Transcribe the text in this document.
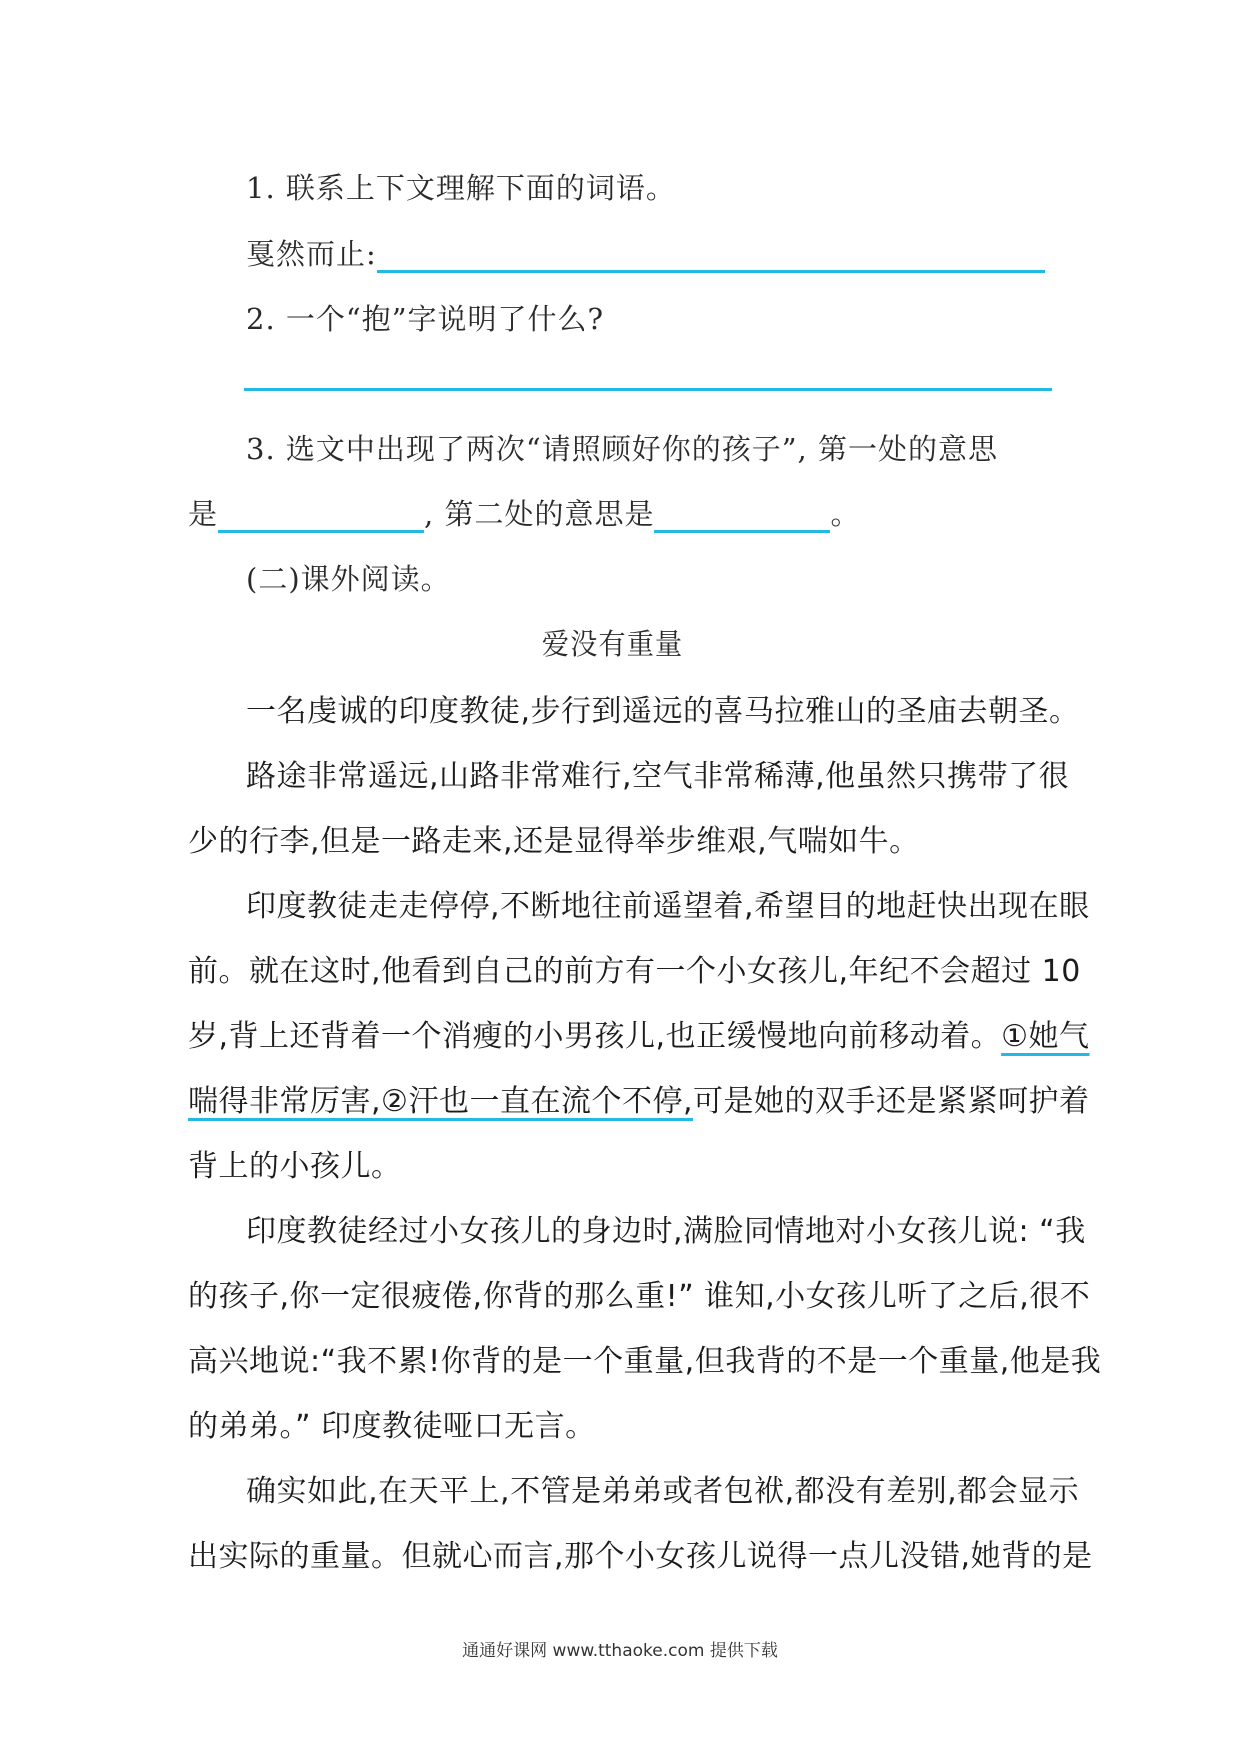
1. 联系上下文理解下面的词语。
戛然而止:
2. 一个“抱”字说明了什么?
3. 选文中出现了两次“请照顾好你的孩子”, 第一处的意思
是	, 第二处的意思是	。
(二)课外阅读。
爱没有重量
一名虔诚的印度教徒,步行到遥远的喜马拉雅山的圣庙去朝圣。
路途非常遥远,山路非常难行,空气非常稀薄,他虽然只携带了很
少的行李,但是一路走来,还是显得举步维艰,气喘如牛。
印度教徒走走停停,不断地往前遥望着,希望目的地赶快出现在眼
前。就在这时,他看到自己的前方有一个小女孩儿,年纪不会超过 10
岁,背上还背着一个消瘦的小男孩儿,也正缓慢地向前移动着。①她气
喘得非常厉害,②汗也一直在流个不停,可是她的双手还是紧紧呵护着
背上的小孩儿。
印度教徒经过小女孩儿的身边时,满脸同情地对小女孩儿说: “我
的孩子,你一定很疲倦,你背的那么重!” 谁知,小女孩儿听了之后,很不
高兴地说:“我不累!你背的是一个重量,但我背的不是一个重量,他是我
的弟弟。” 印度教徒哑口无言。
确实如此,在天平上,不管是弟弟或者包袱,都没有差别,都会显示
出实际的重量。但就心而言,那个小女孩儿说得一点儿没错,她背的是
通通好课网 www.tthaoke.com 提供下载
